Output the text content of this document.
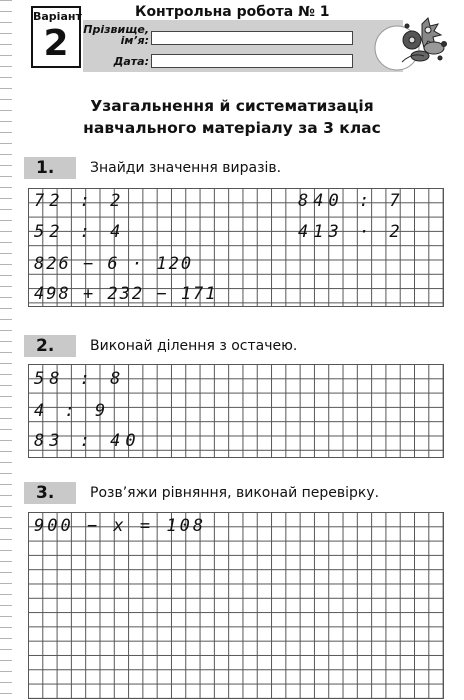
Варіант
2
Контрольна робота № 1
Прізвище,
ім’я:
Дата:
Узагальнення й систематизація
навчального матеріалу за 3 клас
1.	Знайди значення виразів.
72 : 2
52 : 4
826 − 6 · 120
498 + 232 − 171
840 : 7
413 · 2
2.	Виконай ділення з остачею.
58 : 8
4 : 9
83 : 40
3.	Розв’яжи рівняння, виконай перевірку.
900 − x = 108
